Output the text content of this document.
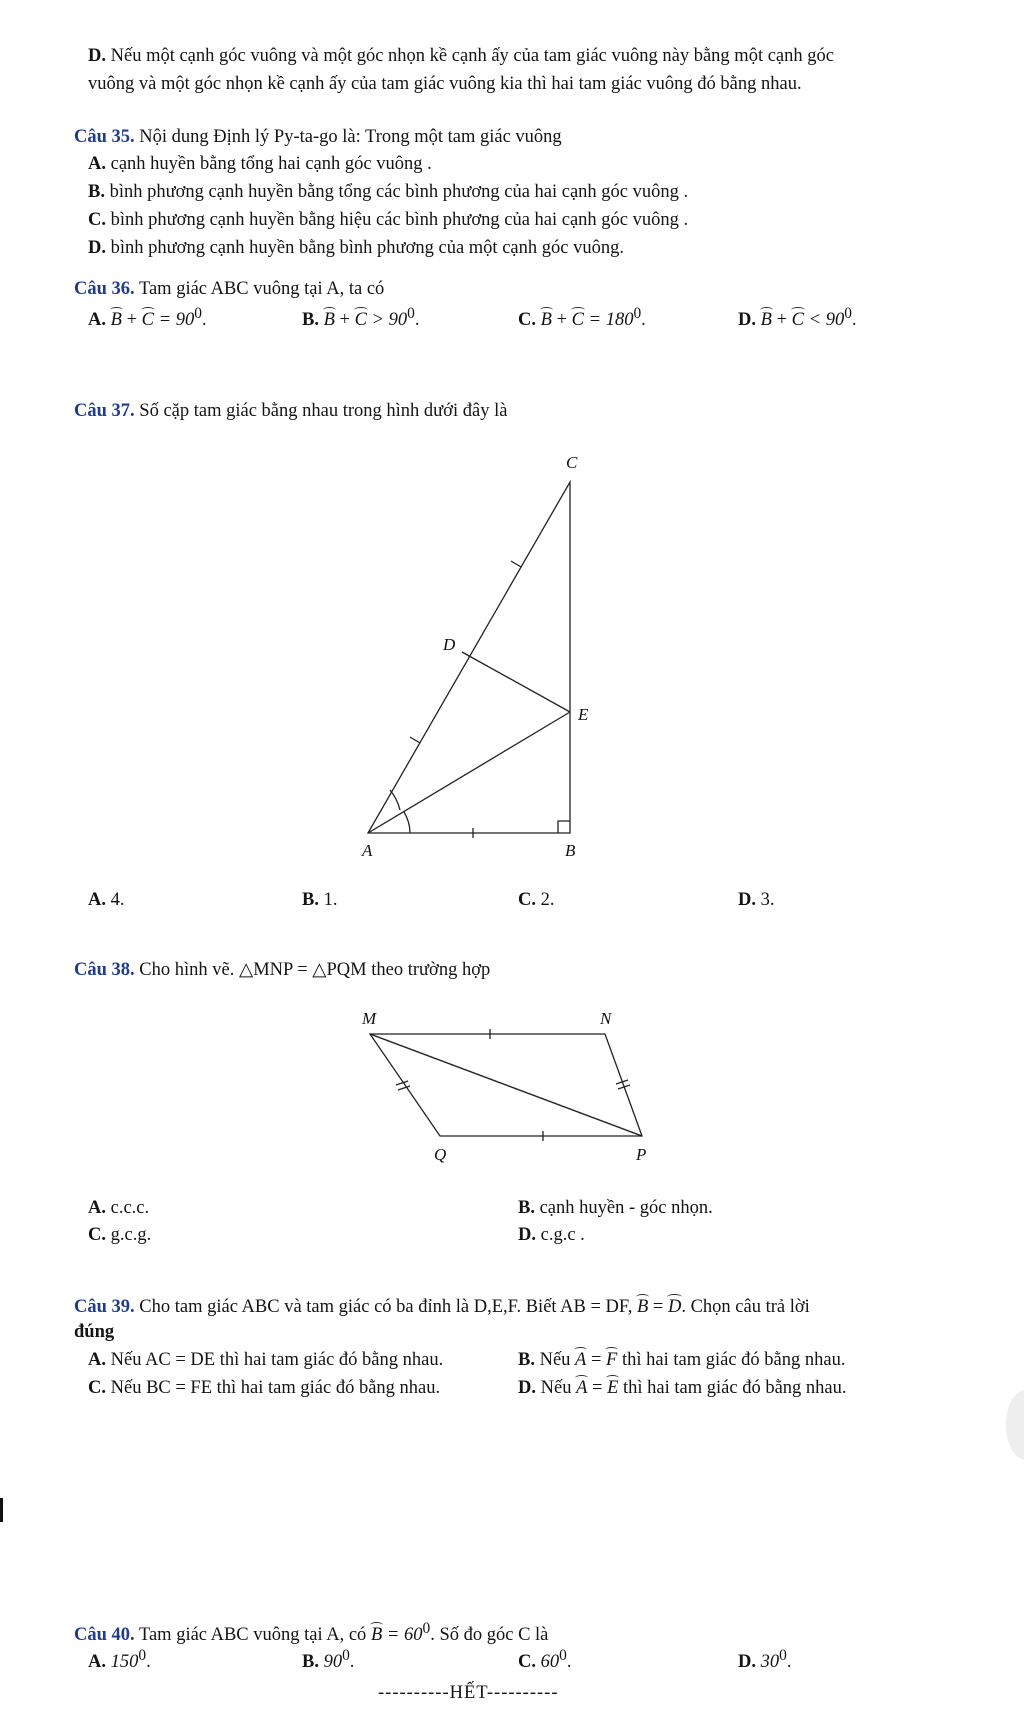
D. Nếu một cạnh góc vuông và một góc nhọn kề cạnh ấy của tam giác vuông này bằng một cạnh góc
vuông và một góc nhọn kề cạnh ấy của tam giác vuông kia thì hai tam giác vuông đó bằng nhau.
Câu 35. Nội dung Định lý Py-ta-go là: Trong một tam giác vuông
A. cạnh huyền bằng tổng hai cạnh góc vuông .
B. bình phương cạnh huyền bằng tổng các bình phương của hai cạnh góc vuông .
C. bình phương cạnh huyền bằng hiệu các bình phương của hai cạnh góc vuông .
D. bình phương cạnh huyền bằng bình phương của một cạnh góc vuông.
Câu 36. Tam giác ABC vuông tại A, ta có
A. $B + C = 90^0$.	B. $B + C > 90^0$.	C. $B + C = 180^0$.	D. $B + C < 90^0$.
Câu 37. Số cặp tam giác bằng nhau trong hình dưới đây là
C
D
E
A	B
A. 4.	B. 1.	C. 2.	D. 3.
Câu 38. Cho hình vẽ. △MNP = △PQM theo trường hợp
M	N
P
Q
A. c.c.c.	B. cạnh huyền - góc nhọn.
C. g.c.g.	D. c.g.c .
Câu 39. Cho tam giác ABC và tam giác có ba đỉnh là D,E,F. Biết AB = DF, B = D. Chọn câu trả lời
đúng
A. Nếu AC = DE thì hai tam giác đó bằng nhau.	B. Nếu A = F thì hai tam giác đó bằng nhau.
C. Nếu BC = FE thì hai tam giác đó bằng nhau.	D. Nếu A = E thì hai tam giác đó bằng nhau.
Câu 40. Tam giác ABC vuông tại A, có $B = 60^0$. Số đo góc C là
A. $150^0$.	B. $90^0$.	C. $60^0$.	D. $30^0$.
----------HẾT----------
